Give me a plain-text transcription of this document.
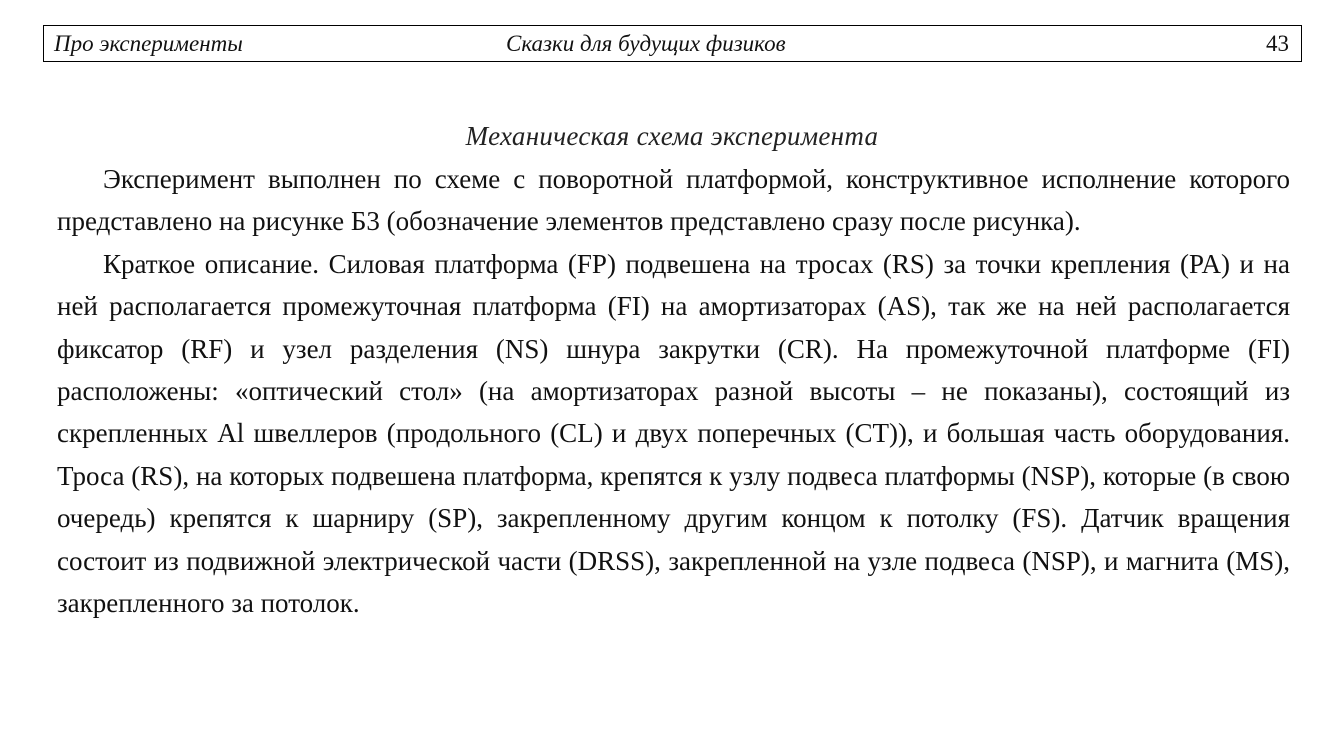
Про эксперименты	Сказки для будущих физиков	43
Механическая схема эксперимента

Эксперимент выполнен по схеме с поворотной платформой, конструктивное исполнение которого представлено на рисунке Б3 (обозначение элементов представлено сразу после рисунка).

Краткое описание. Силовая платформа (FP) подвешена на тросах (RS) за точки крепления (PA) и на ней располагается промежуточная платформа (FI) на амортизаторах (AS), так же на ней располагается фиксатор (RF) и узел разделения (NS) шнура закрутки (CR). На промежуточной платформе (FI) расположены: «оптический стол» (на амортизаторах разной высоты – не показаны), состоящий из скрепленных Al швеллеров (продольного (CL) и двух поперечных (CT)), и большая часть оборудования. Троса (RS), на которых подвешена платформа, крепятся к узлу подвеса платформы (NSP), которые (в свою очередь) крепятся к шарниру (SP), закрепленному другим концом к потолку (FS). Датчик вращения состоит из подвижной электрической части (DRSS), закрепленной на узле подвеса (NSP), и магнита (MS), закрепленного за потолок.
